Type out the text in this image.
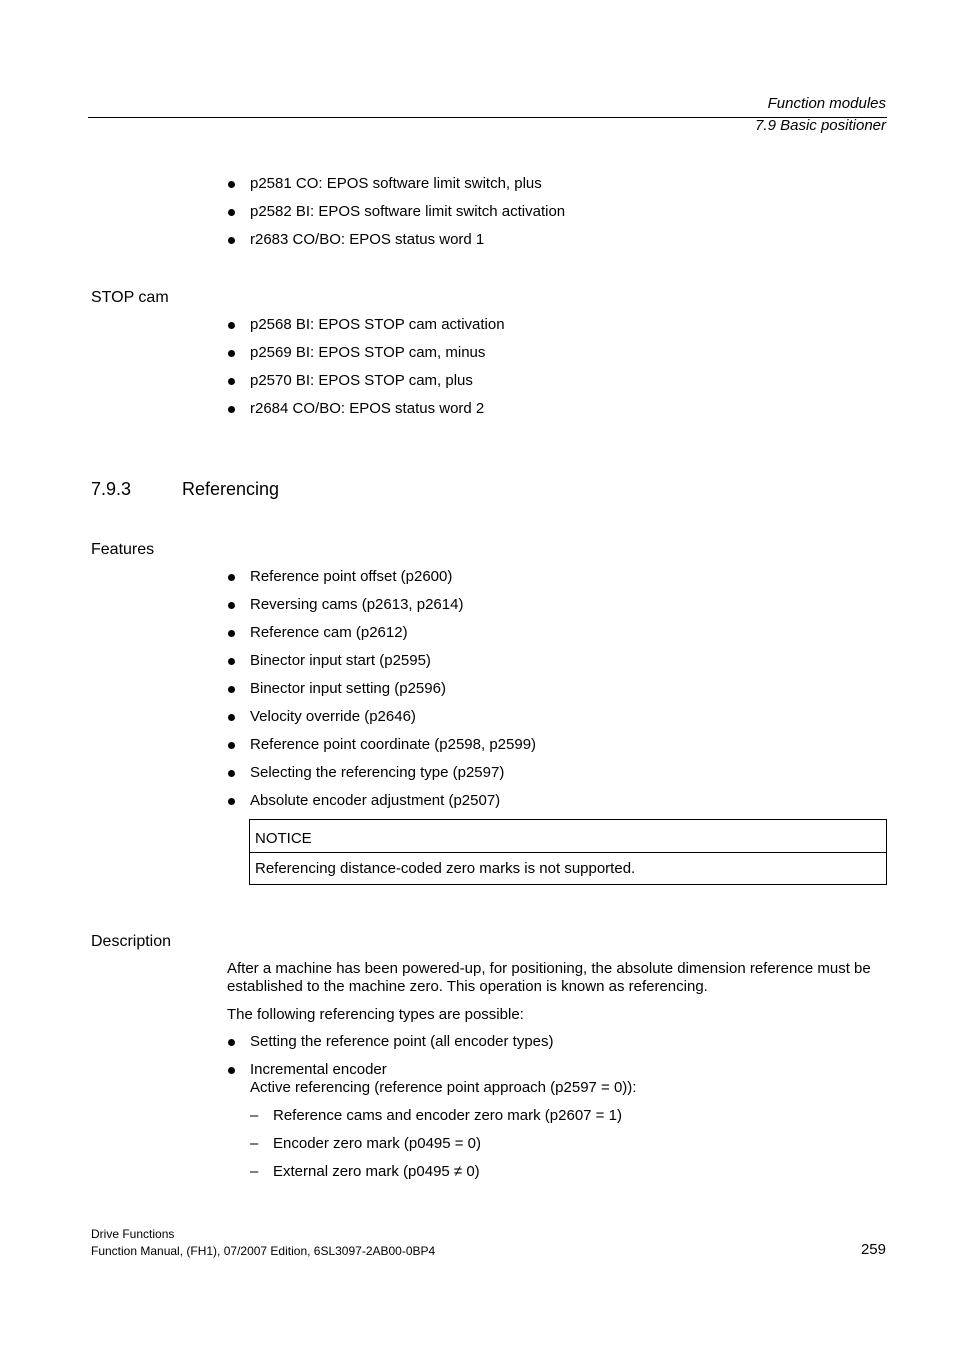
Function modules
7.9 Basic positioner
p2581 CO: EPOS software limit switch, plus
p2582 BI: EPOS software limit switch activation
r2683 CO/BO: EPOS status word 1
STOP cam
p2568 BI: EPOS STOP cam activation
p2569 BI: EPOS STOP cam, minus
p2570 BI: EPOS STOP cam, plus
r2684 CO/BO: EPOS status word 2
7.9.3	Referencing
Features
Reference point offset (p2600)
Reversing cams (p2613, p2614)
Reference cam (p2612)
Binector input start (p2595)
Binector input setting (p2596)
Velocity override (p2646)
Reference point coordinate (p2598, p2599)
Selecting the referencing type (p2597)
Absolute encoder adjustment (p2507)
NOTICE
Referencing distance-coded zero marks is not supported.
Description
After a machine has been powered-up, for positioning, the absolute dimension reference must be established to the machine zero. This operation is known as referencing.
The following referencing types are possible:
Setting the reference point (all encoder types)
Incremental encoder
Active referencing (reference point approach (p2597 = 0)):
– Reference cams and encoder zero mark (p2607 = 1)
– Encoder zero mark (p0495 = 0)
– External zero mark (p0495 ≠ 0)
Drive Functions
Function Manual, (FH1), 07/2007 Edition, 6SL3097-2AB00-0BP4	259
